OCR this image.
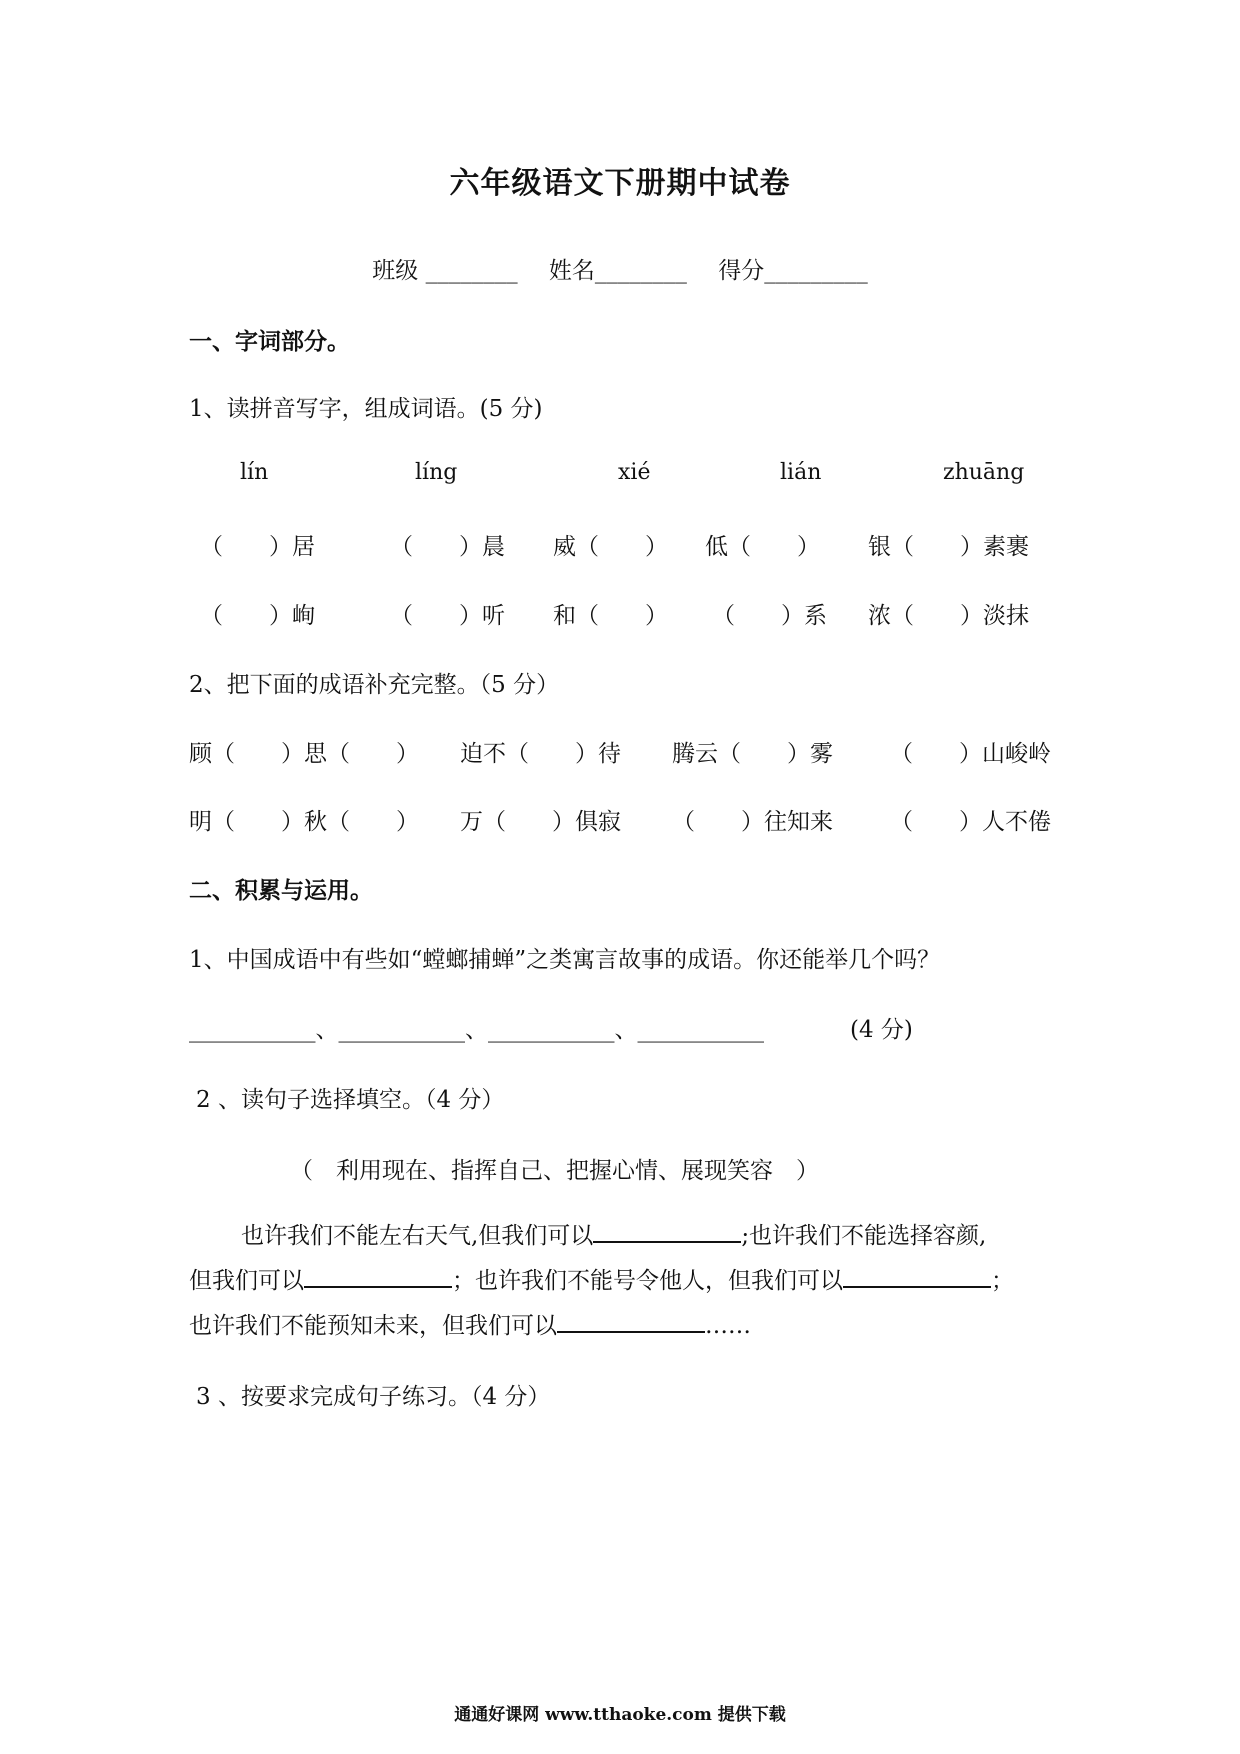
六年级语文下册期中试卷
班级 ________ 姓名________ 得分_________
一、字词部分。
1、读拼音写字，组成词语。(5 分)
lín	líng	xié	lián	zhuāng
（　　）居	（　　）晨 威（　　） 低（　　） 银（　　）素裹
（　　）峋	（　　）听 和（　　） （　　）系 浓（　　）淡抹
2、把下面的成语补充完整。（5 分）
顾（　　）思（　　） 迫不（　　）待 腾云（　　）雾 （　　）山峻岭
明（　　）秋（　　） 万（　　）俱寂 （　　）往知来 （　　）人不倦
二、积累与运用。
1、中国成语中有些如“螳螂捕蝉”之类寓言故事的成语。你还能举几个吗？
___________、___________、___________、___________	(4 分)
2 、读句子选择填空。（4 分）
（　利用现在、指挥自己、把握心情、展现笑容　）
也许我们不能左右天气,但我们可以	;也许我们不能选择容颜,
但我们可以	；也许我们不能号令他人，但我们可以	；
也许我们不能预知未来，但我们可以	……
3 、按要求完成句子练习。（4 分）
通通好课网 www.tthaoke.com 提供下载
